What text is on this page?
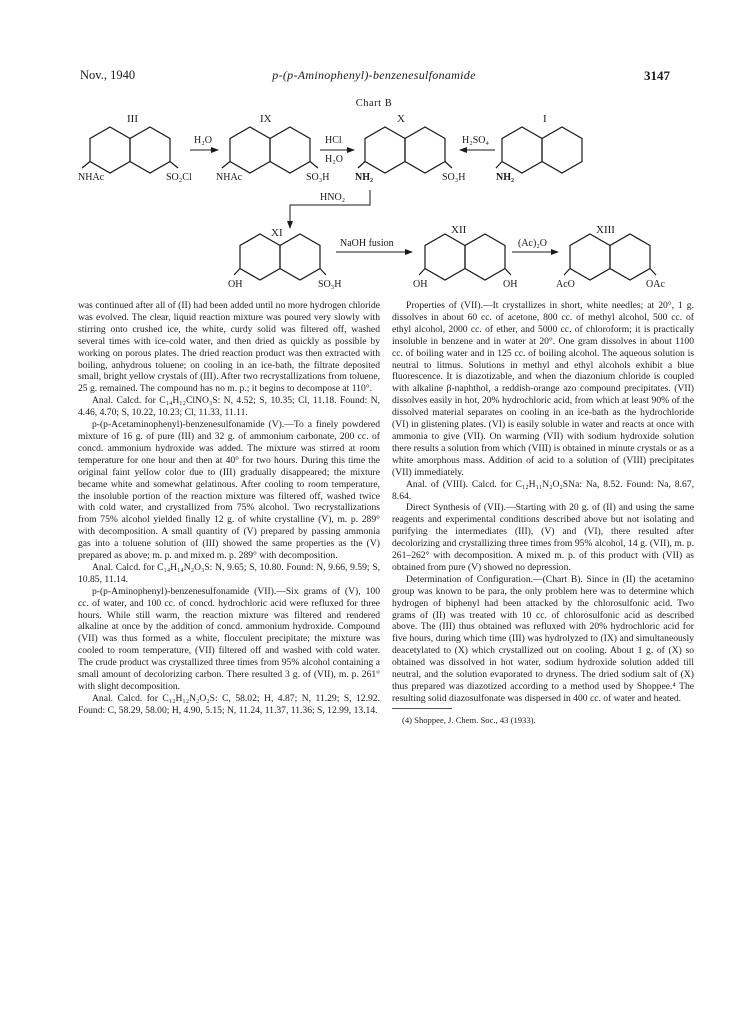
Nov., 1940	p-(p-Aminophenyl)-benzenesulfonamide	3147
Chart B
III
NHAc	SO₂Cl
H₂O
IX
NHAc	SO₃H
HCl
H₂O
X
NH₂	SO₃H
H₂SO₄
I
NH₂
HNO₂
XI
OH	SO₃H
NaOH fusion
XII
OH	OH
(Ac)₂O
XIII
AcO	OAc

was continued after all of (II) had been added until no more hydrogen chloride was evolved. The clear, liquid reaction mixture was poured very slowly with stirring onto crushed ice, the white, curdy solid was filtered off, washed several times with ice-cold water, and then dried as quickly as possible by working on porous plates. The dried reaction product was then extracted with boiling, anhydrous toluene; on cooling in an ice-bath, the filtrate deposited small, bright yellow crystals of (III). After two recrystallizations from toluene, 25 g. remained. The compound has no m. p.; it begins to decompose at 110°.

Anal. Calcd. for C₁₄H₁₂ClNO₃S: N, 4.52; S, 10.35; Cl, 11.18. Found: N, 4.46, 4.70; S, 10.22, 10.23; Cl, 11.33, 11.11.

p-(p-Acetaminophenyl)-benzenesulfonamide (V).—To a finely powdered mixture of 16 g. of pure (III) and 32 g. of ammonium carbonate, 200 cc. of concd. ammonium hydroxide was added. The mixture was stirred at room temperature for one hour and then at 40° for two hours. During this time the original faint yellow color due to (III) gradually disappeared; the mixture became white and somewhat gelatinous. After cooling to room temperature, the insoluble portion of the reaction mixture was filtered off, washed twice with cold water, and crystallized from 75% alcohol. Two recrystallizations from 75% alcohol yielded finally 12 g. of white crystalline (V), m. p. 289° with decomposition. A small quantity of (V) prepared by passing ammonia gas into a toluene solution of (III) showed the same properties as the (V) prepared as above; m. p. and mixed m. p. 289° with decomposition.

Anal. Calcd. for C₁₄H₁₄N₂O₃S: N, 9.65; S, 10.80. Found: N, 9.66, 9.59; S, 10.85, 11.14.

p-(p-Aminophenyl)-benzenesulfonamide (VII).—Six grams of (V), 100 cc. of water, and 100 cc. of concd. hydrochloric acid were refluxed for three hours. While still warm, the reaction mixture was filtered and rendered alkaline at once by the addition of concd. ammonium hydroxide. Compound (VII) was thus formed as a white, flocculent precipitate; the mixture was cooled to room temperature, (VII) filtered off and washed with cold water. The crude product was crystallized three times from 95% alcohol containing a small amount of decolorizing carbon. There resulted 3 g. of (VII), m. p. 261° with slight decomposition.

Anal. Calcd. for C₁₂H₁₂N₂O₂S: C, 58.02; H, 4.87; N, 11.29; S, 12.92. Found: C, 58.29, 58.00; H, 4.90, 5.15; N, 11.24, 11.37, 11.36; S, 12.99, 13.14.

Properties of (VII).—It crystallizes in short, white needles; at 20°, 1 g. dissolves in about 60 cc. of acetone, 800 cc. of methyl alcohol, 500 cc. of ethyl alcohol, 2000 cc. of ether, and 5000 cc. of chloroform; it is practically insoluble in benzene and in water at 20°. One gram dissolves in about 1100 cc. of boiling water and in 125 cc. of boiling alcohol. The aqueous solution is neutral to litmus. Solutions in methyl and ethyl alcohols exhibit a blue fluorescence. It is diazotizable, and when the diazonium chloride is coupled with alkaline β-naphthol, a reddish-orange azo compound precipitates. (VII) dissolves easily in hot, 20% hydrochloric acid, from which at least 90% of the dissolved material separates on cooling in an ice-bath as the hydrochloride (VI) in glistening plates. (VI) is easily soluble in water and reacts at once with ammonia to give (VII). On warming (VII) with sodium hydroxide solution there results a solution from which (VIII) is obtained in minute crystals or as a white amorphous mass. Addition of acid to a solution of (VIII) precipitates (VII) immediately.

Anal. of (VIII). Calcd. for C₁₂H₁₁N₂O₂SNa: Na, 8.52. Found: Na, 8.67, 8.64.

Direct Synthesis of (VII).—Starting with 20 g. of (II) and using the same reagents and experimental conditions described above but not isolating and purifying the intermediates (III), (V) and (VI), there resulted after decolorizing and crystallizing three times from 95% alcohol, 14 g. (VII), m. p. 261–262° with decomposition. A mixed m. p. of this product with (VII) as obtained from pure (V) showed no depression.

Determination of Configuration.—(Chart B). Since in (II) the acetamino group was known to be para, the only problem here was to determine which hydrogen of biphenyl had been attacked by the chlorosulfonic acid. Two grams of (II) was treated with 10 cc. of chlorosulfonic acid as described above. The (III) thus obtained was refluxed with 20% hydrochloric acid for five hours, during which time (III) was hydrolyzed to (IX) and simultaneously deacetylated to (X) which crystallized out on cooling. About 1 g. of (X) so obtained was dissolved in hot water, sodium hydroxide solution added till neutral, and the solution evaporated to dryness. The dried sodium salt of (X) thus prepared was diazotized according to a method used by Shoppee.⁴ The resulting solid diazosulfonate was dispersed in 400 cc. of water and heated.

(4) Shoppee, J. Chem. Soc., 43 (1933).
